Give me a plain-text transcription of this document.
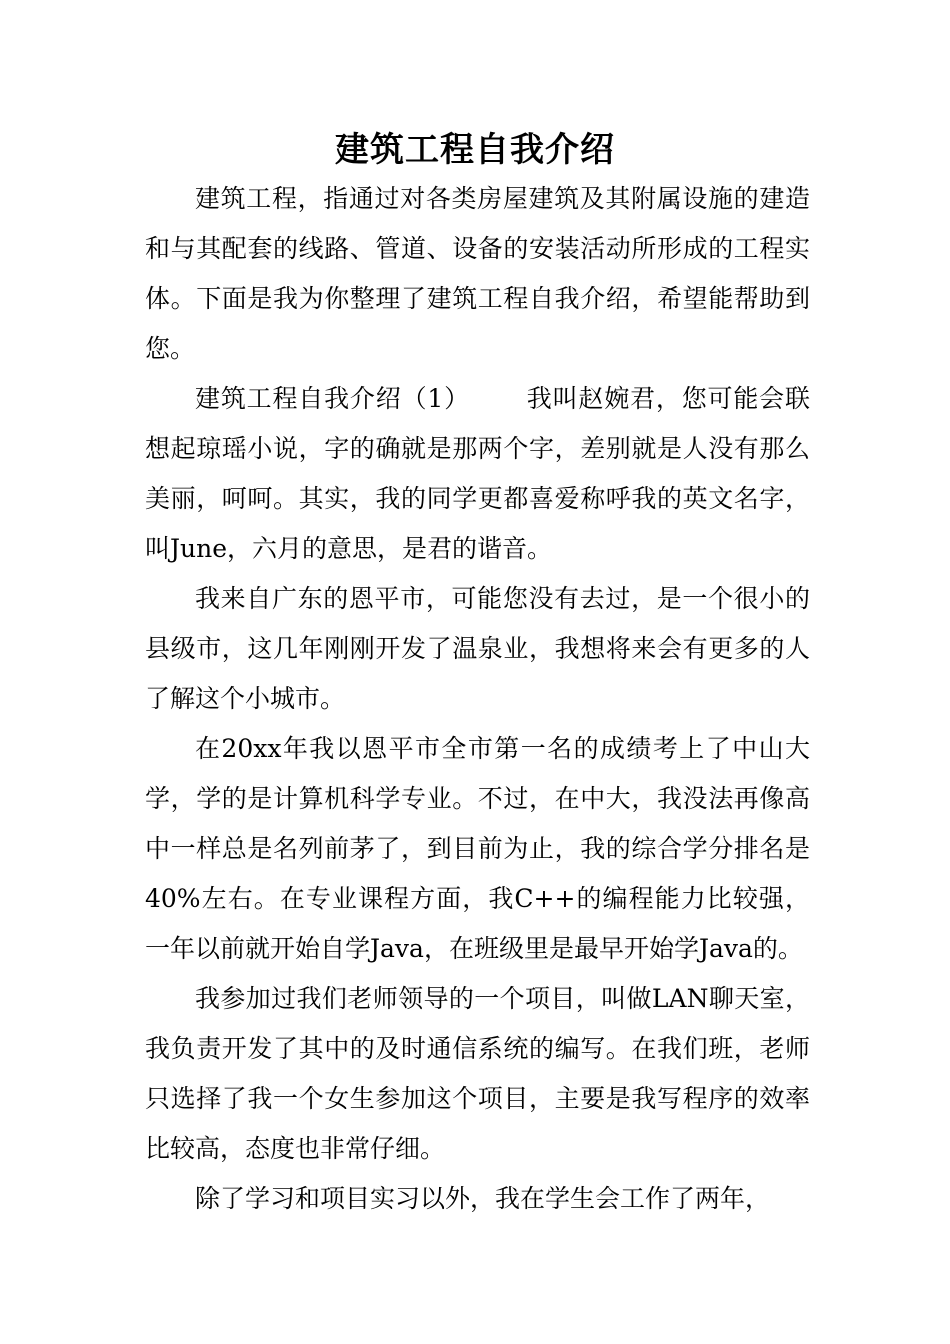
建筑工程自我介绍

建筑工程，指通过对各类房屋建筑及其附属设施的建造和与其配套的线路、管道、设备的安装活动所形成的工程实体。下面是我为你整理了建筑工程自我介绍，希望能帮助到您。

建筑工程自我介绍（1） 我叫赵婉君，您可能会联想起琼瑶小说，字的确就是那两个字，差别就是人没有那么美丽，呵呵。其实，我的同学更都喜爱称呼我的英文名字，叫June，六月的意思，是君的谐音。

我来自广东的恩平市，可能您没有去过，是一个很小的县级市，这几年刚刚开发了温泉业，我想将来会有更多的人了解这个小城市。

在20xx年我以恩平市全市第一名的成绩考上了中山大学，学的是计算机科学专业。不过，在中大，我没法再像高中一样总是名列前茅了，到目前为止，我的综合学分排名是40%左右。在专业课程方面，我C++的编程能力比较强，一年以前就开始自学Java，在班级里是最早开始学Java的。

我参加过我们老师领导的一个项目，叫做LAN聊天室，我负责开发了其中的及时通信系统的编写。在我们班，老师只选择了我一个女生参加这个项目，主要是我写程序的效率比较高，态度也非常仔细。

除了学习和项目实习以外，我在学生会工作了两年，
